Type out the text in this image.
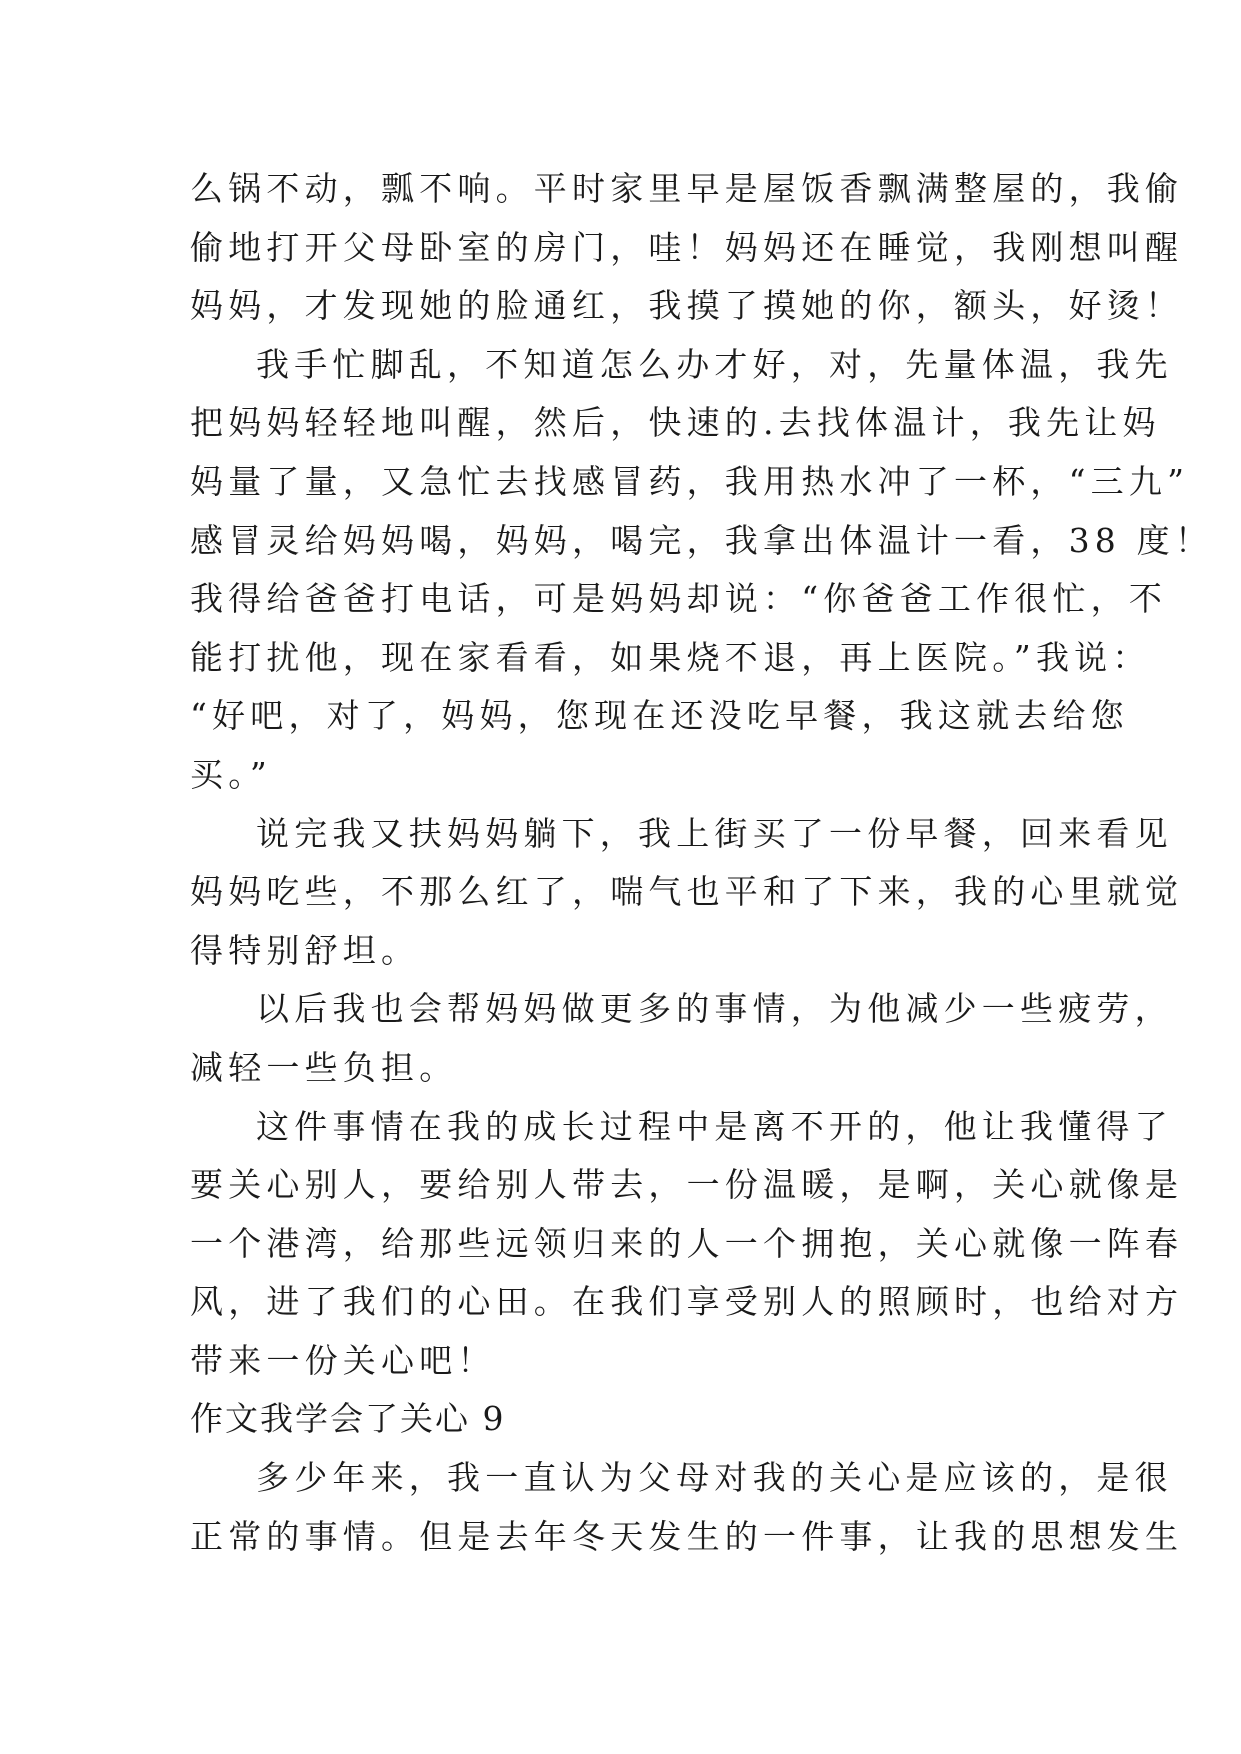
么锅不动，瓢不响。平时家里早是屋饭香飘满整屋的，我偷
偷地打开父母卧室的房门，哇！妈妈还在睡觉，我刚想叫醒
妈妈，才发现她的脸通红，我摸了摸她的你，额头，好烫！
我手忙脚乱，不知道怎么办才好，对，先量体温，我先
把妈妈轻轻地叫醒，然后，快速的.去找体温计，我先让妈
妈量了量，又急忙去找感冒药，我用热水冲了一杯，“三九”
感冒灵给妈妈喝，妈妈，喝完，我拿出体温计一看，38 度！
我得给爸爸打电话，可是妈妈却说：“你爸爸工作很忙，不
能打扰他，现在家看看，如果烧不退，再上医院。”我说：
“好吧，对了，妈妈，您现在还没吃早餐，我这就去给您
买。”
说完我又扶妈妈躺下，我上街买了一份早餐，回来看见
妈妈吃些，不那么红了，喘气也平和了下来，我的心里就觉
得特别舒坦。
以后我也会帮妈妈做更多的事情，为他减少一些疲劳，
减轻一些负担。
这件事情在我的成长过程中是离不开的，他让我懂得了
要关心别人，要给别人带去，一份温暖，是啊，关心就像是
一个港湾，给那些远领归来的人一个拥抱，关心就像一阵春
风，进了我们的心田。在我们享受别人的照顾时，也给对方
带来一份关心吧！
作文我学会了关心 9
多少年来，我一直认为父母对我的关心是应该的，是很
正常的事情。但是去年冬天发生的一件事，让我的思想发生
